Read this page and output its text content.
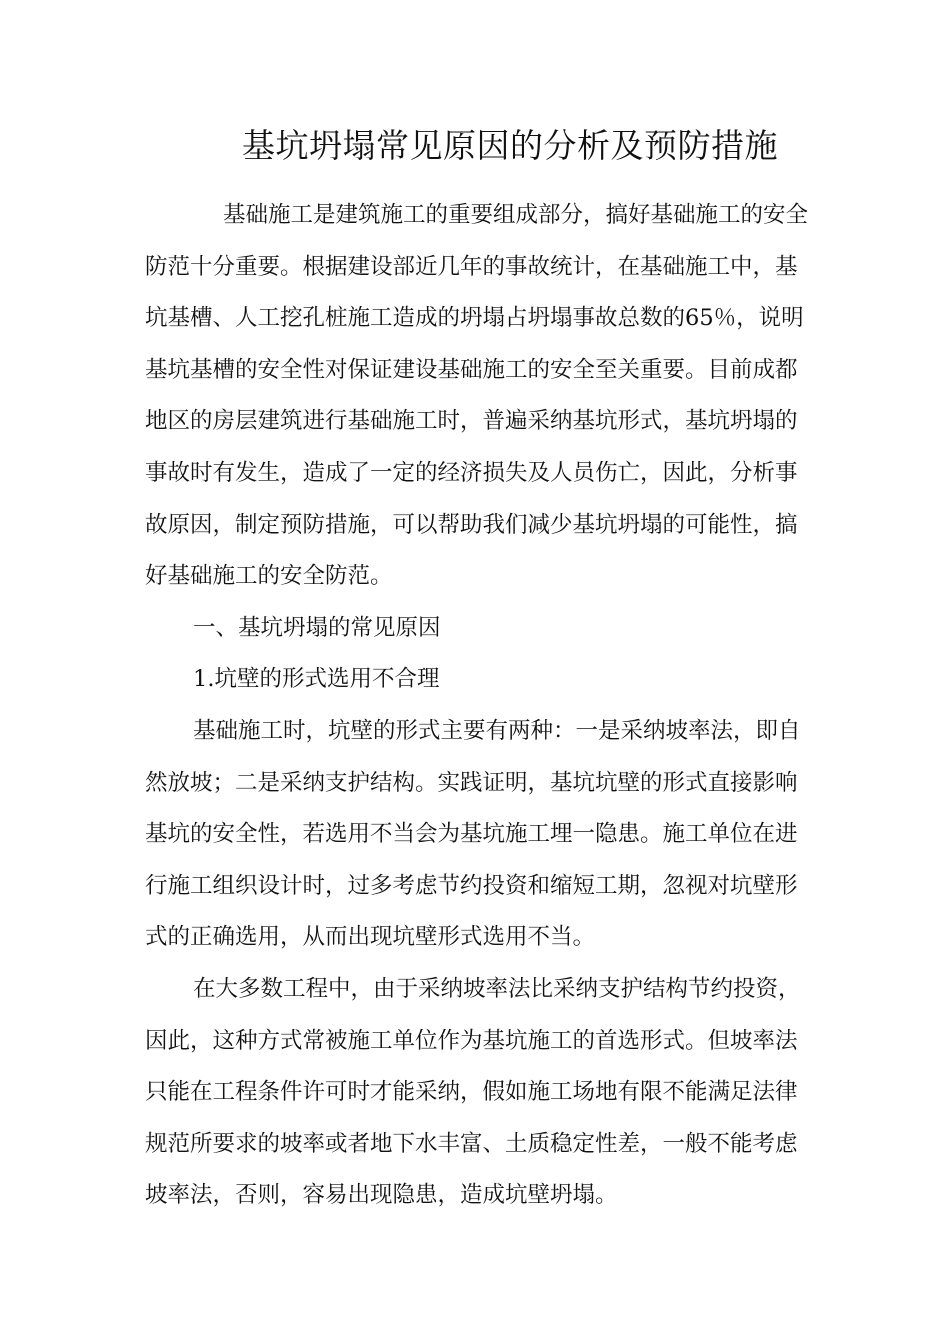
基坑坍塌常见原因的分析及预防措施
基础施工是建筑施工的重要组成部分，搞好基础施工的安全
防范十分重要。根据建设部近几年的事故统计，在基础施工中，基
坑基槽、人工挖孔桩施工造成的坍塌占坍塌事故总数的65％，说明
基坑基槽的安全性对保证建设基础施工的安全至关重要。目前成都
地区的房层建筑进行基础施工时，普遍采纳基坑形式，基坑坍塌的
事故时有发生，造成了一定的经济损失及人员伤亡，因此，分析事
故原因，制定预防措施，可以帮助我们减少基坑坍塌的可能性，搞
好基础施工的安全防范。
一、基坑坍塌的常见原因
1.坑壁的形式选用不合理
基础施工时，坑壁的形式主要有两种：一是采纳坡率法，即自
然放坡；二是采纳支护结构。实践证明，基坑坑壁的形式直接影响
基坑的安全性，若选用不当会为基坑施工埋一隐患。施工单位在进
行施工组织设计时，过多考虑节约投资和缩短工期，忽视对坑壁形
式的正确选用，从而出现坑壁形式选用不当。
在大多数工程中，由于采纳坡率法比采纳支护结构节约投资，
因此，这种方式常被施工单位作为基坑施工的首选形式。但坡率法
只能在工程条件许可时才能采纳，假如施工场地有限不能满足法律
规范所要求的坡率或者地下水丰富、土质稳定性差，一般不能考虑
坡率法，否则，容易出现隐患，造成坑壁坍塌。
